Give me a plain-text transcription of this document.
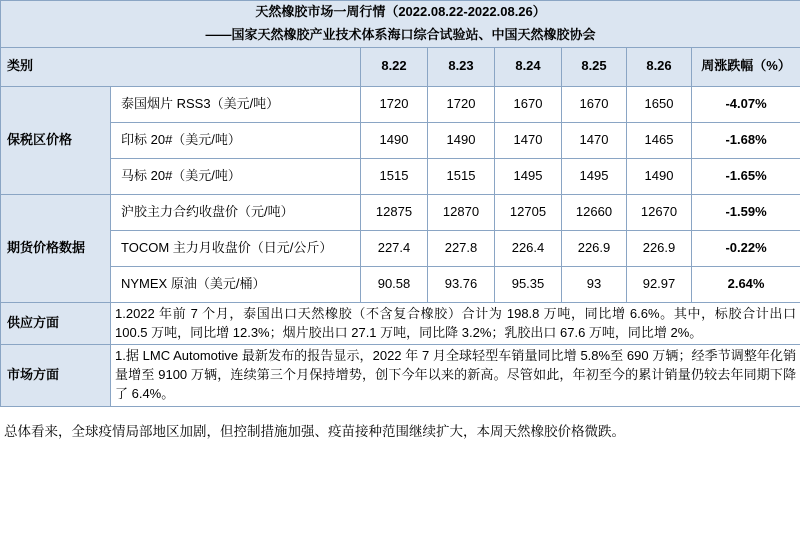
天然橡胶市场一周行情（2022.08.22-2022.08.26）							
——国家天然橡胶产业技术体系海口综合试验站、中国天然橡胶协会							
类别		8.22	8.23	8.24	8.25	8.26	周涨跌幅（%）
保税区价格	泰国烟片 RSS3（美元/吨）	1720	1720	1670	1670	1650	-4.07%
	印标 20#（美元/吨）	1490	1490	1470	1470	1465	-1.68%
	马标 20#（美元/吨）	1515	1515	1495	1495	1490	-1.65%
期货价格数据	沪胶主力合约收盘价（元/吨）	12875	12870	12705	12660	12670	-1.59%
	TOCOM 主力月收盘价（日元/公斤）	227.4	227.8	226.4	226.9	226.9	-0.22%
	NYMEX 原油（美元/桶）	90.58	93.76	95.35	93	92.97	2.64%
供应方面	1.2022 年前 7 个月，泰国出口天然橡胶（不含复合橡胶）合计为 198.8 万吨，同比增 6.6%。其中，标胶合计出口 100.5 万吨，同比增 12.3%；烟片胶出口 27.1 万吨，同比降 3.2%；乳胶出口 67.6 万吨，同比增 2%。						
市场方面	1.据 LMC Automotive 最新发布的报告显示，2022 年 7 月全球轻型车销量同比增 5.8%至 690 万辆；经季节调整年化销量增至 9100 万辆，连续第三个月保持增势，创下今年以来的新高。尽管如此，年初至今的累计销量仍较去年同期下降了 6.4%。						
总体看来，全球疫情局部地区加剧，但控制措施加强、疫苗接种范围继续扩大，本周天然橡胶价格微跌。
